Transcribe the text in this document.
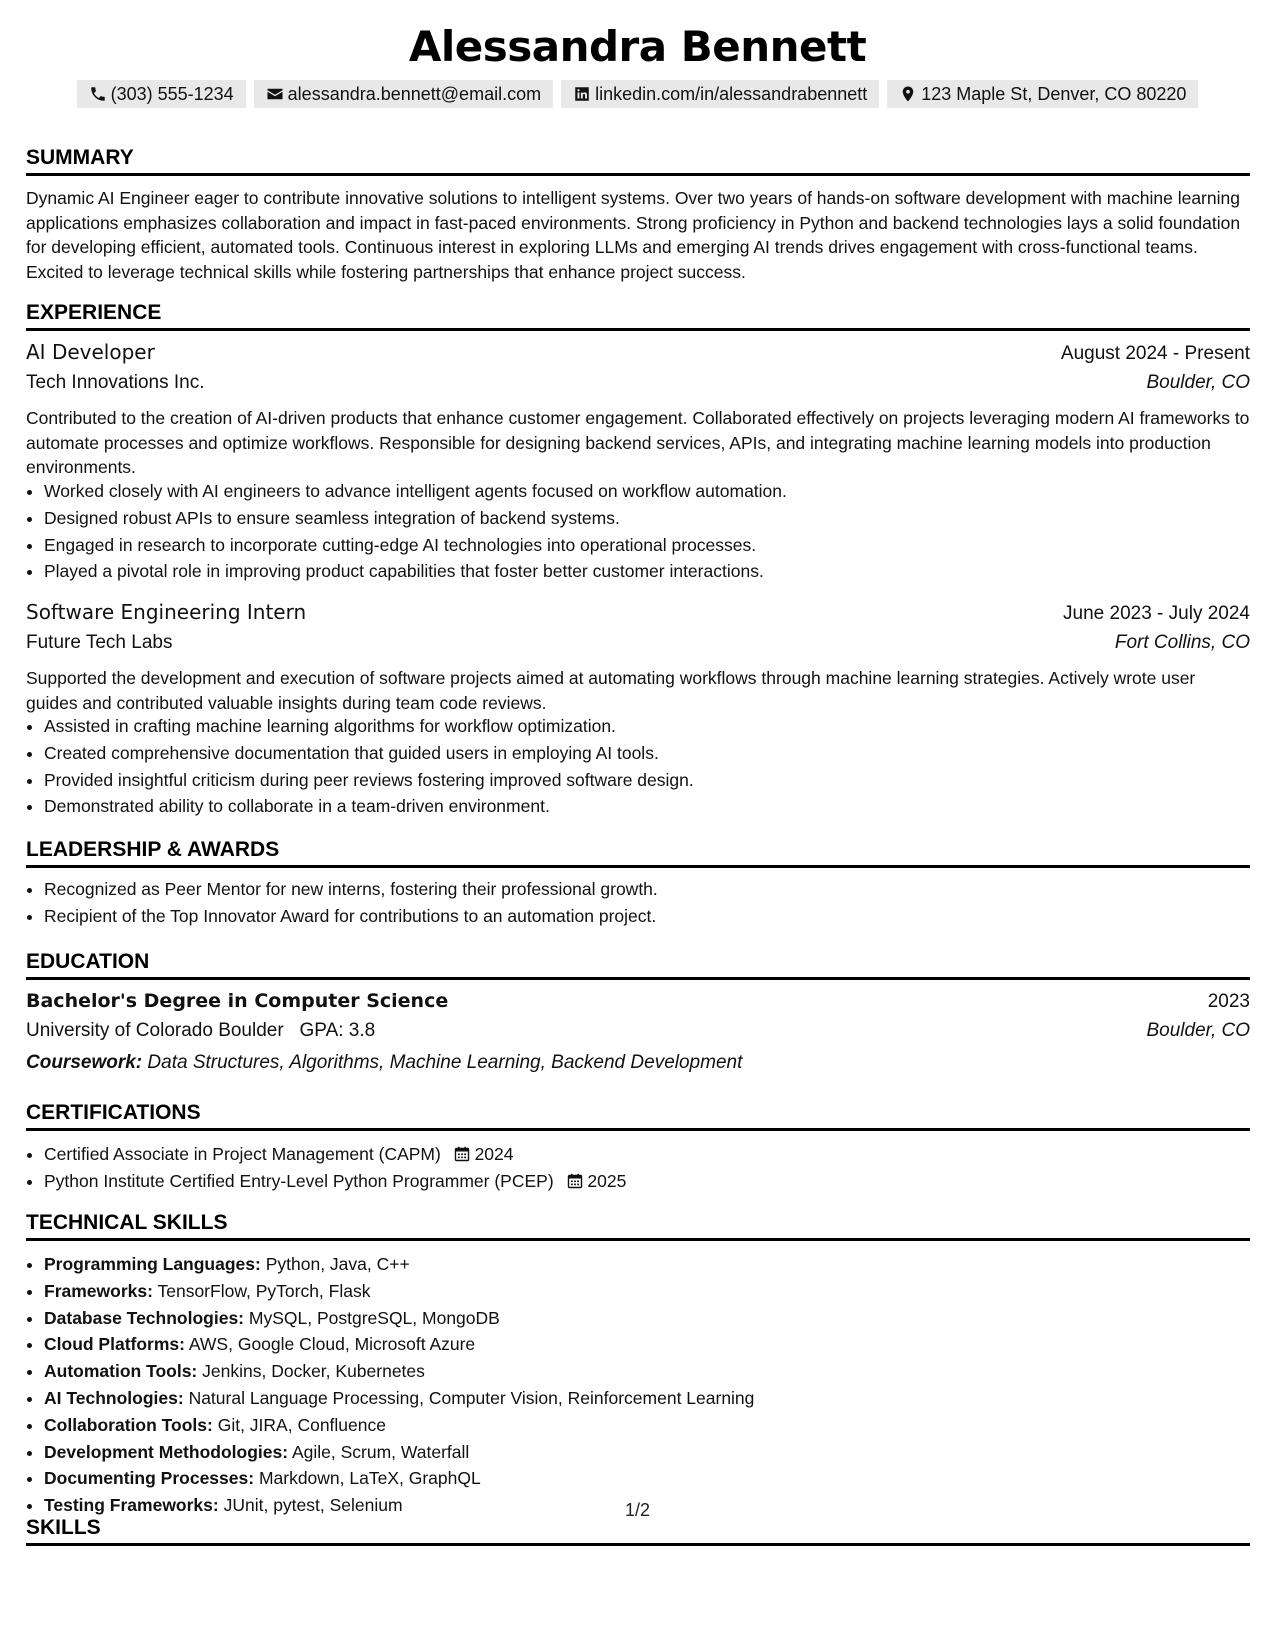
Alessandra Bennett
(303) 555-1234	alessandra.bennett@email.com	linkedin.com/in/alessandrabennett	123 Maple St, Denver, CO 80220
SUMMARY
Dynamic AI Engineer eager to contribute innovative solutions to intelligent systems. Over two years of hands-on software development with machine learning applications emphasizes collaboration and impact in fast-paced environments. Strong proficiency in Python and backend technologies lays a solid foundation for developing efficient, automated tools. Continuous interest in exploring LLMs and emerging AI trends drives engagement with cross-functional teams. Excited to leverage technical skills while fostering partnerships that enhance project success.
EXPERIENCE
AI Developer	August 2024 - Present
Tech Innovations Inc.	Boulder, CO
Contributed to the creation of AI-driven products that enhance customer engagement. Collaborated effectively on projects leveraging modern AI frameworks to automate processes and optimize workflows. Responsible for designing backend services, APIs, and integrating machine learning models into production environments.
• Worked closely with AI engineers to advance intelligent agents focused on workflow automation.
• Designed robust APIs to ensure seamless integration of backend systems.
• Engaged in research to incorporate cutting-edge AI technologies into operational processes.
• Played a pivotal role in improving product capabilities that foster better customer interactions.
Software Engineering Intern	June 2023 - July 2024
Future Tech Labs	Fort Collins, CO
Supported the development and execution of software projects aimed at automating workflows through machine learning strategies. Actively wrote user guides and contributed valuable insights during team code reviews.
• Assisted in crafting machine learning algorithms for workflow optimization.
• Created comprehensive documentation that guided users in employing AI tools.
• Provided insightful criticism during peer reviews fostering improved software design.
• Demonstrated ability to collaborate in a team-driven environment.
LEADERSHIP & AWARDS
• Recognized as Peer Mentor for new interns, fostering their professional growth.
• Recipient of the Top Innovator Award for contributions to an automation project.
EDUCATION
Bachelor's Degree in Computer Science	2023
University of Colorado Boulder GPA: 3.8	Boulder, CO
Coursework: Data Structures, Algorithms, Machine Learning, Backend Development
CERTIFICATIONS
• Certified Associate in Project Management (CAPM) 2024
• Python Institute Certified Entry-Level Python Programmer (PCEP) 2025
TECHNICAL SKILLS
• Programming Languages: Python, Java, C++
• Frameworks: TensorFlow, PyTorch, Flask
• Database Technologies: MySQL, PostgreSQL, MongoDB
• Cloud Platforms: AWS, Google Cloud, Microsoft Azure
• Automation Tools: Jenkins, Docker, Kubernetes
• AI Technologies: Natural Language Processing, Computer Vision, Reinforcement Learning
• Collaboration Tools: Git, JIRA, Confluence
• Development Methodologies: Agile, Scrum, Waterfall
• Documenting Processes: Markdown, LaTeX, GraphQL
• Testing Frameworks: JUnit, pytest, Selenium
SKILLS
1/2
